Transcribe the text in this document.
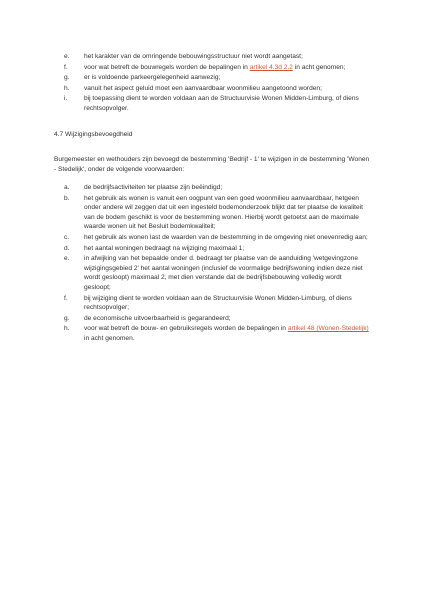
e. het karakter van de omringende bebouwingsstructuur niet wordt aangetast;
f. voor wat betreft de bouwregels worden de bepalingen in artikel 4.3d 2.2 in acht genomen;
g. er is voldoende parkeergelegenheid aanwezig;
h. vanuit het aspect geluid moet een aanvaardbaar woonmilieu aangetoond worden;
i.	bij toepassing dient te worden voldaan aan de Structuurvisie Wonen Midden-Limburg, of diens rechtsopvolger.
4.7 Wijzigingsbevoegdheid
Burgemeester en wethouders zijn bevoegd de bestemming 'Bedrijf - 1' te wijzigen in de bestemming 'Wonen - Stedelijk', onder de volgende voorwaarden:
a. de bedrijfsactiviteiten ter plaatse zijn beëindigd;
b. het gebruik als wonen is vanuit een oogpunt van een goed woonmilieu aanvaardbaar, hetgeen onder andere wil zeggen dat uit een ingesteld bodemonderzoek blijkt dat ter plaatse de kwaliteit van de bodem geschikt is voor de bestemming wonen. Hierbij wordt getoetst aan de maximale waarde wonen uit het Besluit bodemkwaliteit;
c. het gebruik als wonen last de waarden van de bestemming in de omgeving niet onevenredig aan;
d. het aantal woningen bedraagt na wijziging maximaal 1;
e. in afwijking van het bepaalde onder d. bedraagt ter plaatse van de aanduiding 'wetgevingzone wijzigingsgebied 2' het aantal woningen (inclusief de voormalige bedrijfswoning indien deze niet wordt gesloopt) maximaal 2, met dien verstande dat de bedrijfsbebouwing volledig wordt gesloopt;
f. bij wijziging dient te worden voldaan aan de Structuurvisie Wonen Midden-Limburg, of diens rechtsopvolger;
g. de economische uitvoerbaarheid is gegarandeerd;
h. voor wat betreft de bouw- en gebruiksregels worden de bepalingen in artikel 48 (Wonen-Stedelijk) in acht genomen.
